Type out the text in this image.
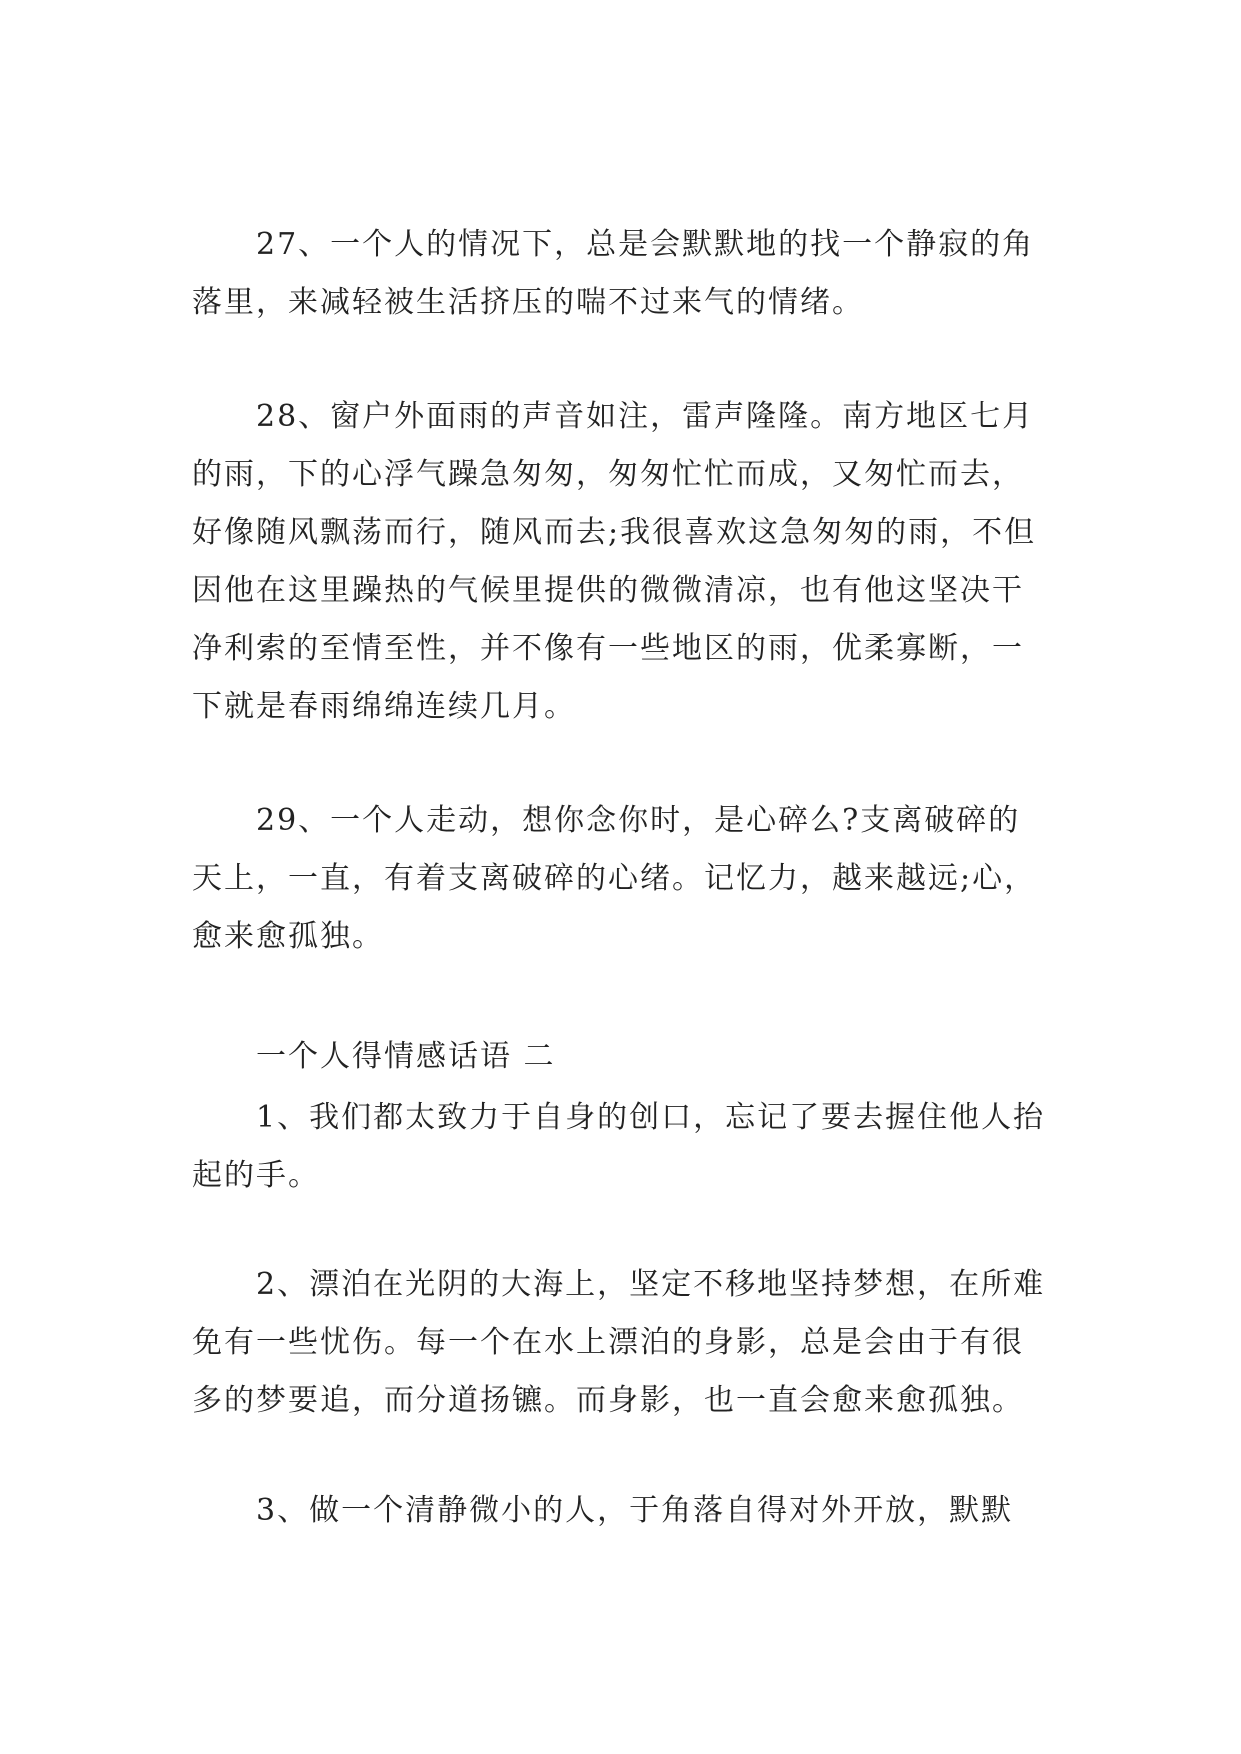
27、一个人的情况下，总是会默默地的找一个静寂的角落里，来减轻被生活挤压的喘不过来气的情绪。

28、窗户外面雨的声音如注，雷声隆隆。南方地区七月的雨，下的心浮气躁急匆匆，匆匆忙忙而成，又匆忙而去，好像随风飘荡而行，随风而去;我很喜欢这急匆匆的雨，不但因他在这里躁热的气候里提供的微微清凉，也有他这坚决干净利索的至情至性，并不像有一些地区的雨，优柔寡断，一下就是春雨绵绵连续几月。

29、一个人走动，想你念你时，是心碎么?支离破碎的天上，一直，有着支离破碎的心绪。记忆力，越来越远;心，愈来愈孤独。

一个人得情感话语 二

1、我们都太致力于自身的创口，忘记了要去握住他人抬起的手。

2、漂泊在光阴的大海上，坚定不移地坚持梦想，在所难免有一些忧伤。每一个在水上漂泊的身影，总是会由于有很多的梦要追，而分道扬镳。而身影，也一直会愈来愈孤独。

3、做一个清静微小的人，于角落自得对外开放，默默
